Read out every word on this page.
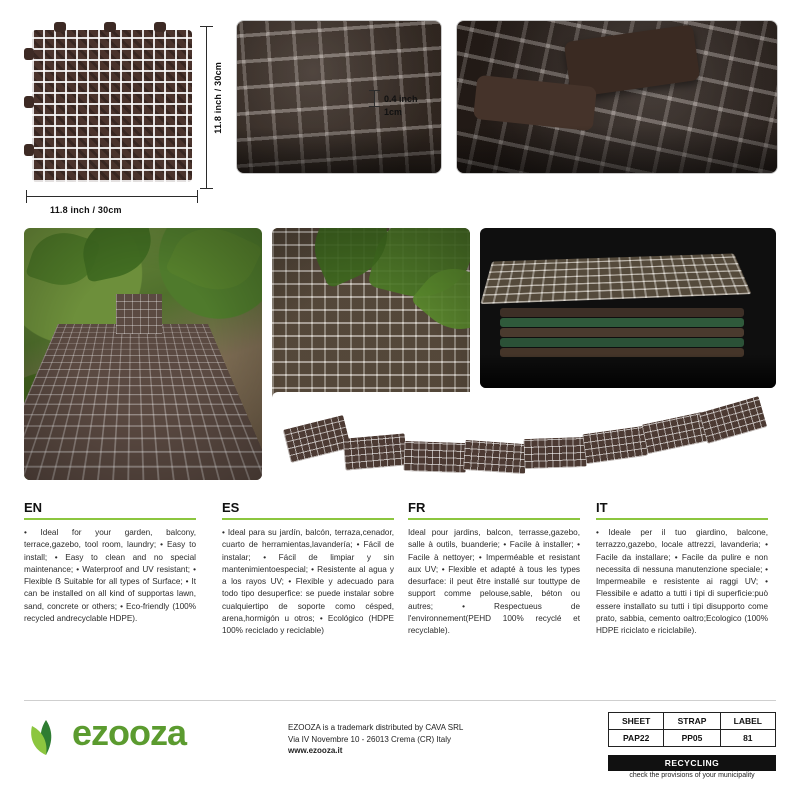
11.8 inch / 30cm
11.8 inch / 30cm
0.4 inch
1cm
EN
• Ideal for your garden, balcony, terrace,gazebo, tool room, laundry; • Easy to install; • Easy to clean and no special maintenance; • Waterproof and UV resistant; • Flexible ẞ Suitable for all types of Surface; • It can be installed on all kind of supportas lawn, sand, concrete or others; • Eco-friendly (100% recycled andrecyclable HDPE).
ES
• Ideal para su jardín, balcón, terraza,cenador, cuarto de herramientas,lavandería; • Fácil de instalar; • Fácil de limpiar y sin mantenimientoespecial; • Resistente al agua y a los rayos UV; • Flexible y adecuado para todo tipo desuperfice: se puede instalar sobre cualquiertipo de soporte como césped, arena,hormigón u otros; • Ecológico (HDPE 100% reciclado y reciclable)
FR
Ideal pour jardins, balcon, terrasse,gazebo, salle à outils, buanderie; • Facile à installer; • Facile à nettoyer; • Imperméable et resistant aux UV; • Flexible et adapté à tous les types desurface: il peut être installé sur touttype de support comme pelouse,sable, béton ou autres; • Respectueus de l'environnement(PEHD 100% recyclé et recyclable).
IT
• Ideale per il tuo giardino, balcone, terrazzo,gazebo, locale attrezzi, lavanderia; • Facile da installare; • Facile da pulire e non necessita di nessuna manutenzione speciale; • Impermeabile e resistente ai raggi UV; • Flessibile e adatto a tutti i tipi di superficie:può essere installato su tutti i tipi disupporto come prato, sabbia, cemento oaltro;Ecologico (100% HDPE riciclato e riciclabile).
ezooza	EZOOZA is a trademark distributed by CAVA SRL
Via IV Novembre 10 - 26013 Crema (CR) Italy
www.ezooza.it
SHEET	STRAP	LABEL
PAP22	PP05	81
RECYCLING
check the provisions of your municipality
